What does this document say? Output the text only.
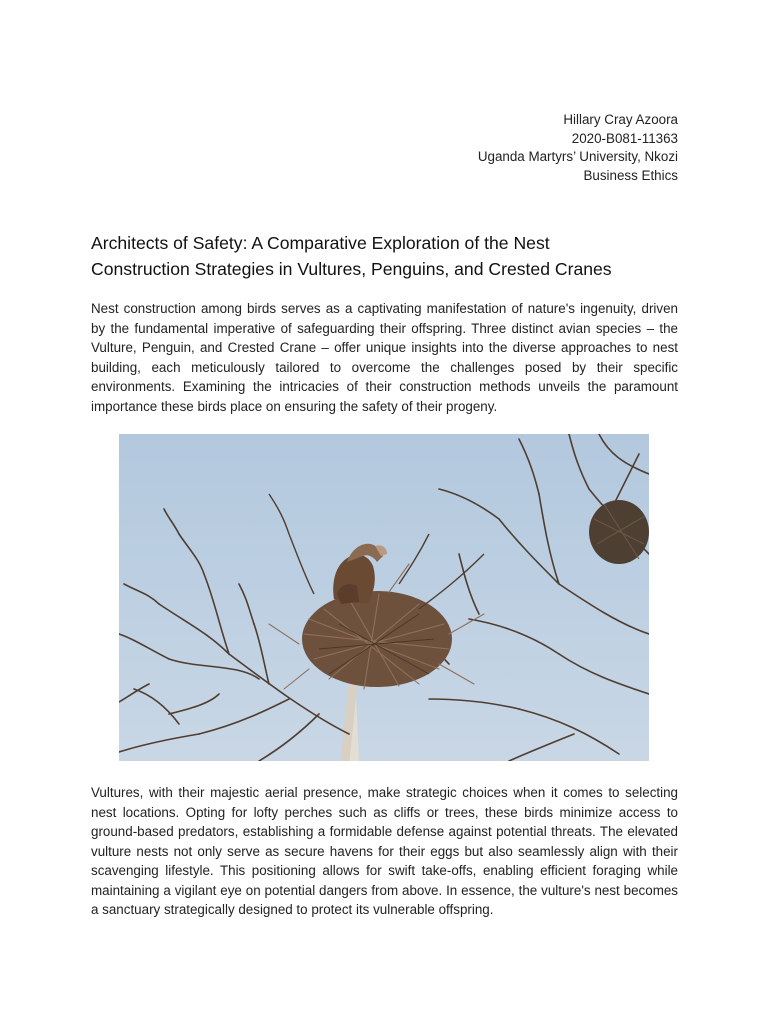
Hillary Cray Azoora
2020-B081-11363
Uganda Martyrs’ University, Nkozi
Business Ethics
Architects of Safety: A Comparative Exploration of the Nest
Construction Strategies in Vultures, Penguins, and Crested Cranes

Nest construction among birds serves as a captivating manifestation of nature's ingenuity, driven by the fundamental imperative of safeguarding their offspring. Three distinct avian species – the Vulture, Penguin, and Crested Crane – offer unique insights into the diverse approaches to nest building, each meticulously tailored to overcome the challenges posed by their specific environments. Examining the intricacies of their construction methods unveils the paramount importance these birds place on ensuring the safety of their progeny.

Vultures, with their majestic aerial presence, make strategic choices when it comes to selecting nest locations. Opting for lofty perches such as cliffs or trees, these birds minimize access to ground-based predators, establishing a formidable defense against potential threats. The elevated vulture nests not only serve as secure havens for their eggs but also seamlessly align with their scavenging lifestyle. This positioning allows for swift take-offs, enabling efficient foraging while maintaining a vigilant eye on potential dangers from above. In essence, the vulture's nest becomes a sanctuary strategically designed to protect its vulnerable offspring.
